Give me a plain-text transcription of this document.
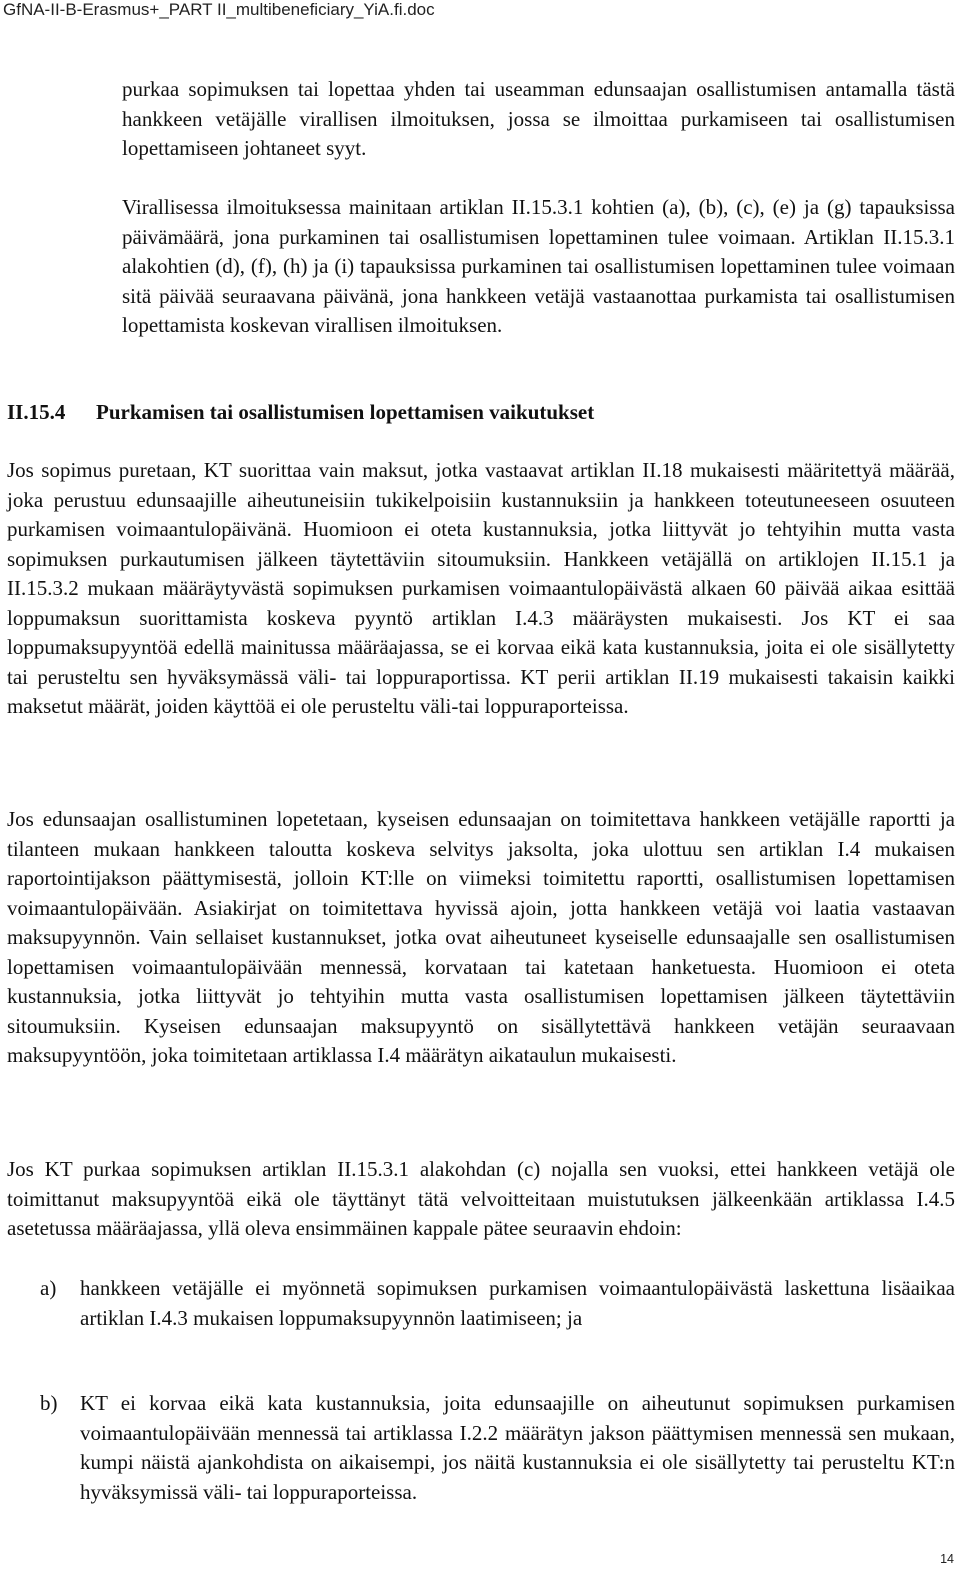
GfNA-II-B-Erasmus+_PART II_multibeneficiary_YiA.fi.doc

purkaa sopimuksen tai lopettaa yhden tai useamman edunsaajan osallistumisen antamalla tästä hankkeen vetäjälle virallisen ilmoituksen, jossa se ilmoittaa purkamiseen tai osallistumisen lopettamiseen johtaneet syyt.

Virallisessa ilmoituksessa mainitaan artiklan II.15.3.1 kohtien (a), (b), (c), (e) ja (g) tapauksissa päivämäärä, jona purkaminen tai osallistumisen lopettaminen tulee voimaan. Artiklan II.15.3.1 alakohtien (d), (f), (h) ja (i) tapauksissa purkaminen tai osallistumisen lopettaminen tulee voimaan sitä päivää seuraavana päivänä, jona hankkeen vetäjä vastaanottaa purkamista tai osallistumisen lopettamista koskevan virallisen ilmoituksen.

II.15.4 Purkamisen tai osallistumisen lopettamisen vaikutukset

Jos sopimus puretaan, KT suorittaa vain maksut, jotka vastaavat artiklan II.18 mukaisesti määritettyä määrää, joka perustuu edunsaajille aiheutuneisiin tukikelpoisiin kustannuksiin ja hankkeen toteutuneeseen osuuteen purkamisen voimaantulopäivänä. Huomioon ei oteta kustannuksia, jotka liittyvät jo tehtyihin mutta vasta sopimuksen purkautumisen jälkeen täytettäviin sitoumuksiin. Hankkeen vetäjällä on artiklojen II.15.1 ja II.15.3.2 mukaan määräytyvästä sopimuksen purkamisen voimaantulopäivästä alkaen 60 päivää aikaa esittää loppumaksun suorittamista koskeva pyyntö artiklan I.4.3 määräysten mukaisesti. Jos KT ei saa loppumaksupyyntöä edellä mainitussa määräajassa, se ei korvaa eikä kata kustannuksia, joita ei ole sisällytetty tai perusteltu sen hyväksymässä väli- tai loppuraportissa. KT perii artiklan II.19 mukaisesti takaisin kaikki maksetut määrät, joiden käyttöä ei ole perusteltu väli-tai loppuraporteissa.

Jos edunsaajan osallistuminen lopetetaan, kyseisen edunsaajan on toimitettava hankkeen vetäjälle raportti ja tilanteen mukaan hankkeen taloutta koskeva selvitys jaksolta, joka ulottuu sen artiklan I.4 mukaisen raportointijakson päättymisestä, jolloin KT:lle on viimeksi toimitettu raportti, osallistumisen lopettamisen voimaantulopäivään. Asiakirjat on toimitettava hyvissä ajoin, jotta hankkeen vetäjä voi laatia vastaavan maksupyynnön. Vain sellaiset kustannukset, jotka ovat aiheutuneet kyseiselle edunsaajalle sen osallistumisen lopettamisen voimaantulopäivään mennessä, korvataan tai katetaan hanketuesta. Huomioon ei oteta kustannuksia, jotka liittyvät jo tehtyihin mutta vasta osallistumisen lopettamisen jälkeen täytettäviin sitoumuksiin. Kyseisen edunsaajan maksupyyntö on sisällytettävä hankkeen vetäjän seuraavaan maksupyyntöön, joka toimitetaan artiklassa I.4 määrätyn aikataulun mukaisesti.

Jos KT purkaa sopimuksen artiklan II.15.3.1 alakohdan (c) nojalla sen vuoksi, ettei hankkeen vetäjä ole toimittanut maksupyyntöä eikä ole täyttänyt tätä velvoitteitaan muistutuksen jälkeenkään artiklassa I.4.5 asetetussa määräajassa, yllä oleva ensimmäinen kappale pätee seuraavin ehdoin:

a) hankkeen vetäjälle ei myönnetä sopimuksen purkamisen voimaantulopäivästä laskettuna lisäaikaa artiklan I.4.3 mukaisen loppumaksupyynnön laatimiseen; ja
b) KT ei korvaa eikä kata kustannuksia, joita edunsaajille on aiheutunut sopimuksen purkamisen voimaantulopäivään mennessä tai artiklassa I.2.2 määrätyn jakson päättymisen mennessä sen mukaan, kumpi näistä ajankohdista on aikaisempi, jos näitä kustannuksia ei ole sisällytetty tai perusteltu KT:n hyväksymissä väli- tai loppuraporteissa.
14
